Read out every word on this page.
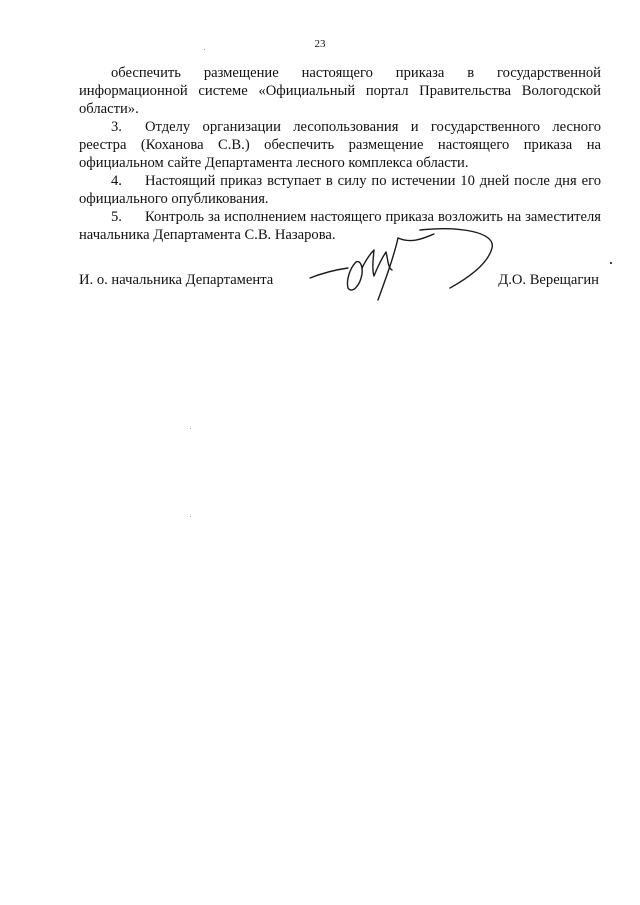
23

обеспечить размещение настоящего приказа в государственной информационной системе «Официальный портал Правительства Вологодской области».

3. Отделу организации лесопользования и государственного лесного реестра (Коханова С.В.) обеспечить размещение настоящего приказа на официальном сайте Департамента лесного комплекса области.

4. Настоящий приказ вступает в силу по истечении 10 дней после дня его официального опубликования.

5. Контроль за исполнением настоящего приказа возложить на заместителя начальника Департамента С.В. Назарова.

И. о. начальника Департамента	Д.О. Верещагин
